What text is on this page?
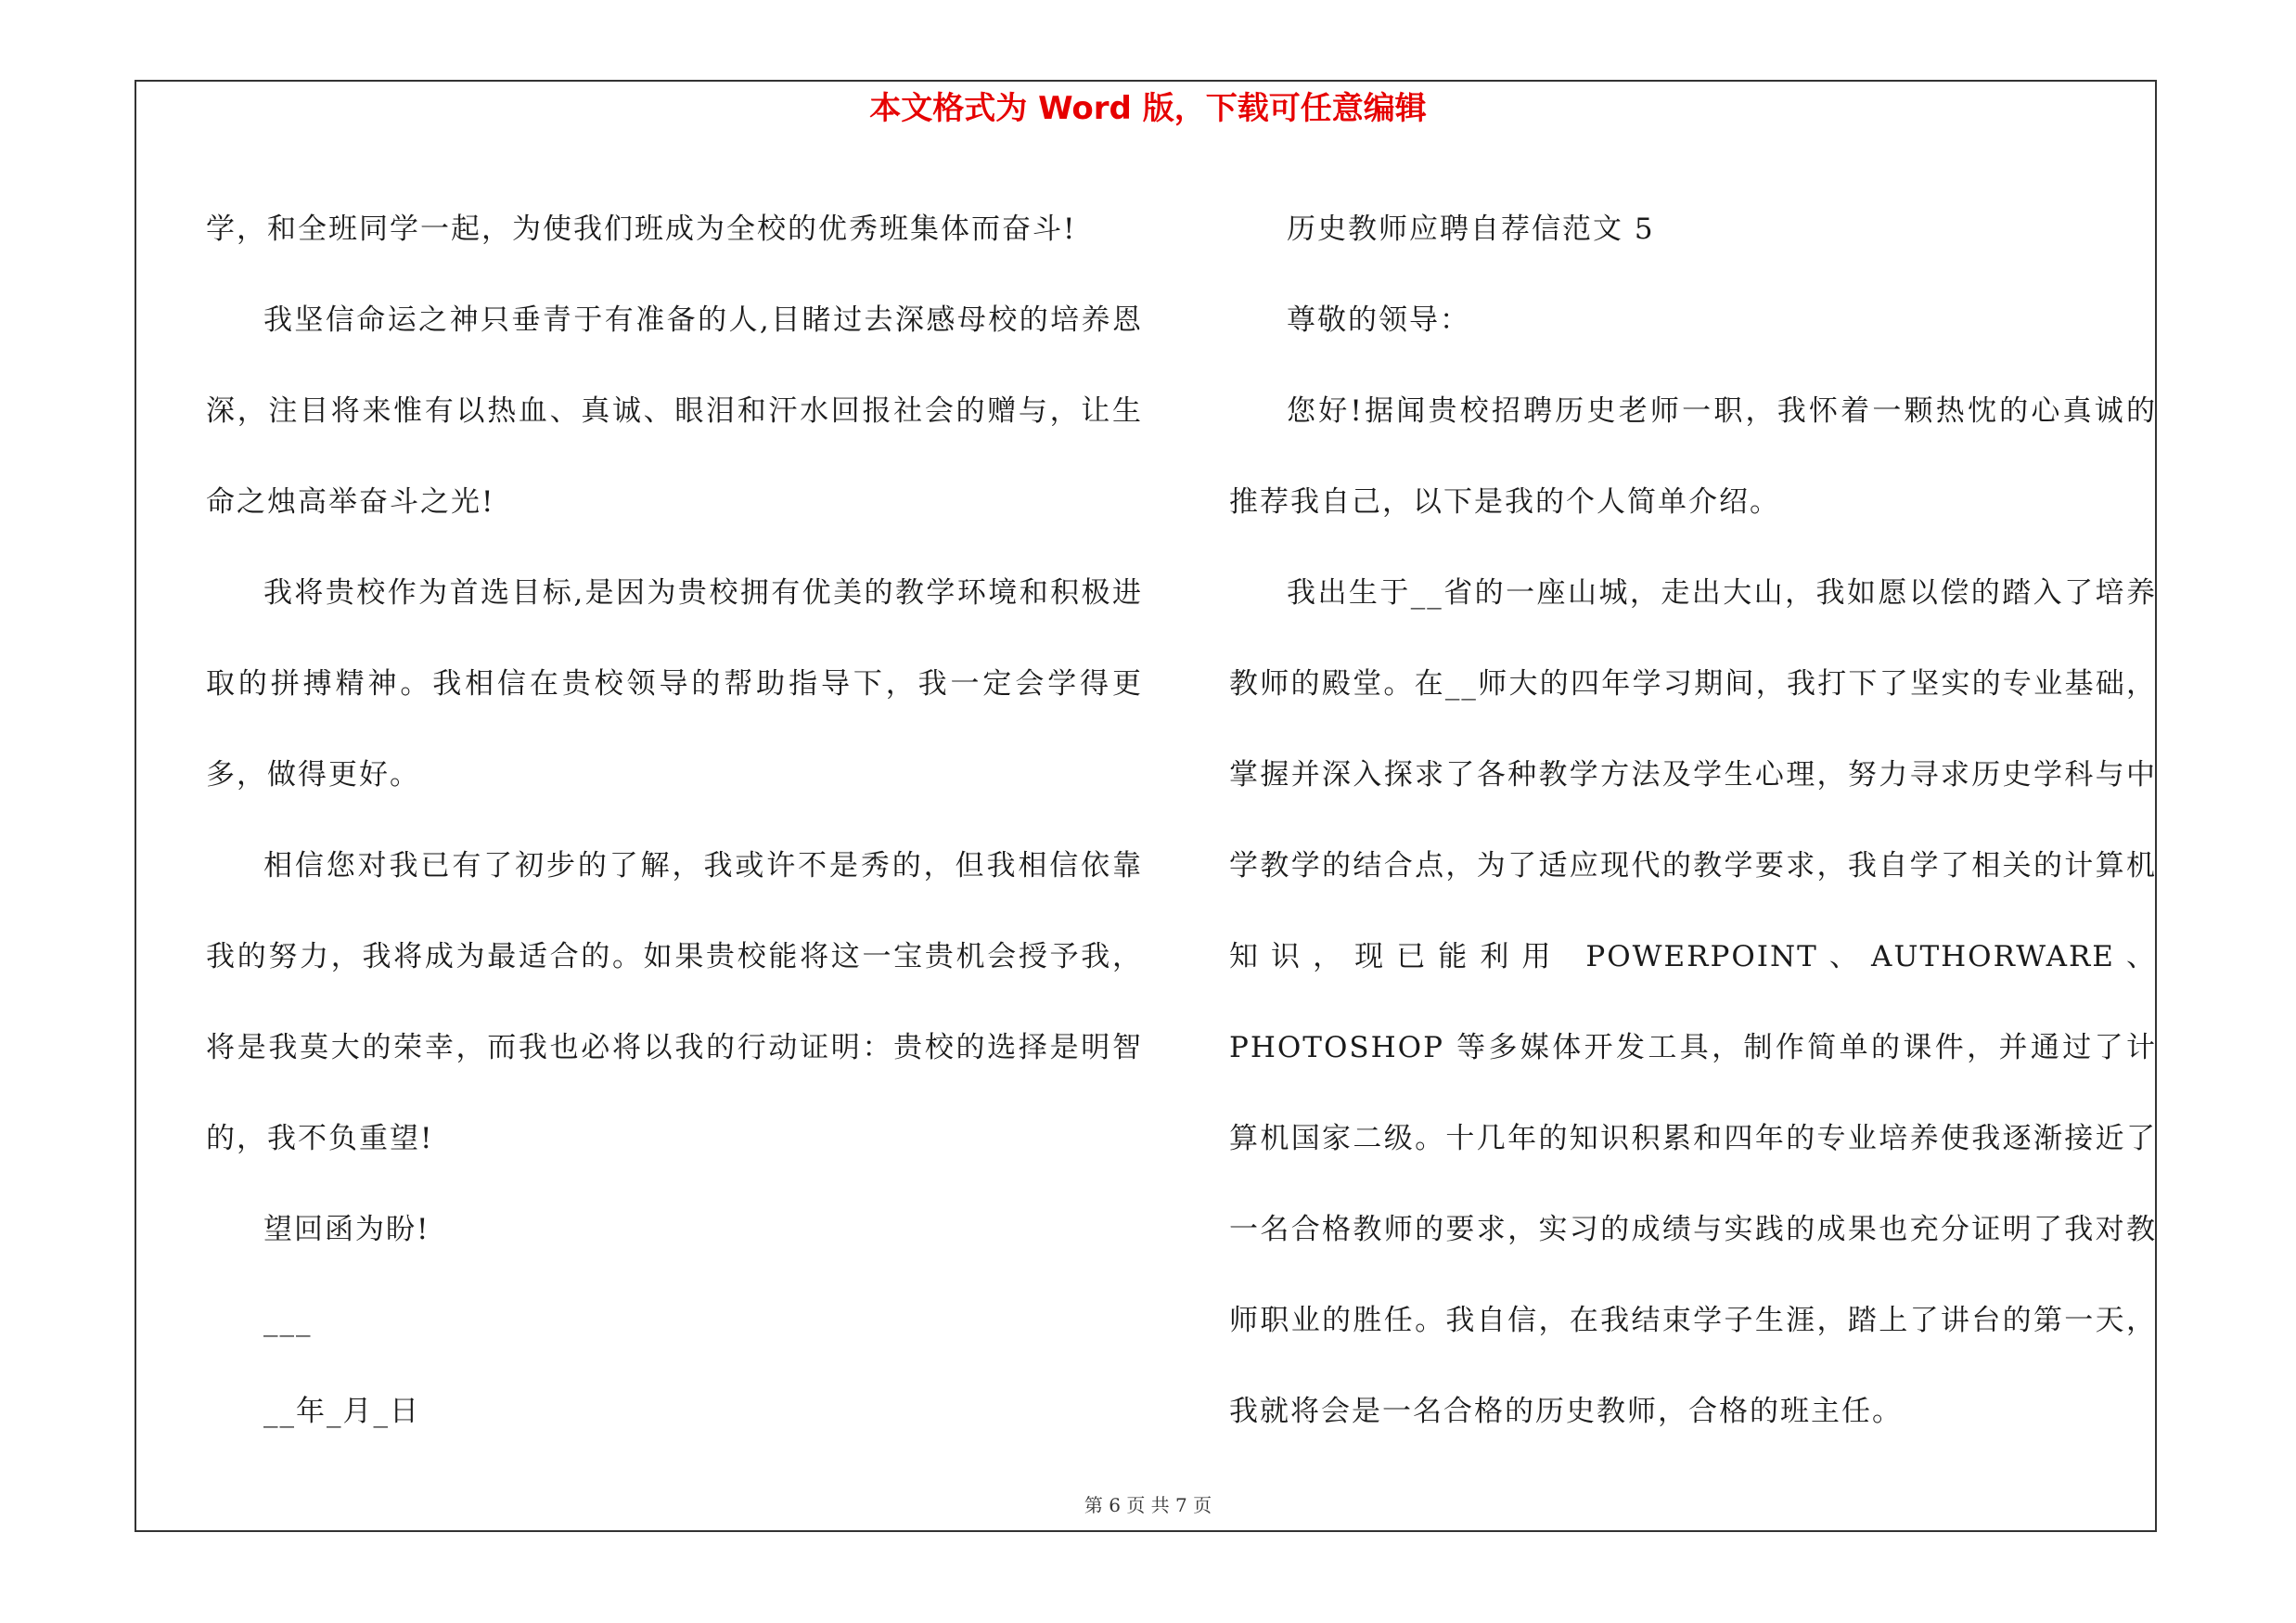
本文格式为 Word 版，下载可任意编辑

学，和全班同学一起，为使我们班成为全校的优秀班集体而奋斗!

我坚信命运之神只垂青于有准备的人,目睹过去深感母校的培养恩深，注目将来惟有以热血、真诚、眼泪和汗水回报社会的赠与，让生命之烛高举奋斗之光!

我将贵校作为首选目标,是因为贵校拥有优美的教学环境和积极进取的拼搏精神。我相信在贵校领导的帮助指导下，我一定会学得更多，做得更好。

相信您对我已有了初步的了解，我或许不是秀的，但我相信依靠我的努力，我将成为最适合的。如果贵校能将这一宝贵机会授予我，将是我莫大的荣幸，而我也必将以我的行动证明：贵校的选择是明智的，我不负重望!

望回函为盼!

___

__年_月_日

历史教师应聘自荐信范文 5

尊敬的领导：

您好!据闻贵校招聘历史老师一职，我怀着一颗热忱的心真诚的推荐我自己，以下是我的个人简单介绍。

我出生于__省的一座山城，走出大山，我如愿以偿的踏入了培养教师的殿堂。在__师大的四年学习期间，我打下了坚实的专业基础，掌握并深入探求了各种教学方法及学生心理，努力寻求历史学科与中学教学的结合点，为了适应现代的教学要求，我自学了相关的计算机知识，现已能利用 POWERPOINT、AUTHORWARE、PHOTOSHOP 等多媒体开发工具，制作简单的课件，并通过了计算机国家二级。十几年的知识积累和四年的专业培养使我逐渐接近了一名合格教师的要求，实习的成绩与实践的成果也充分证明了我对教师职业的胜任。我自信，在我结束学子生涯，踏上了讲台的第一天，我就将会是一名合格的历史教师，合格的班主任。

第 6 页 共 7 页
